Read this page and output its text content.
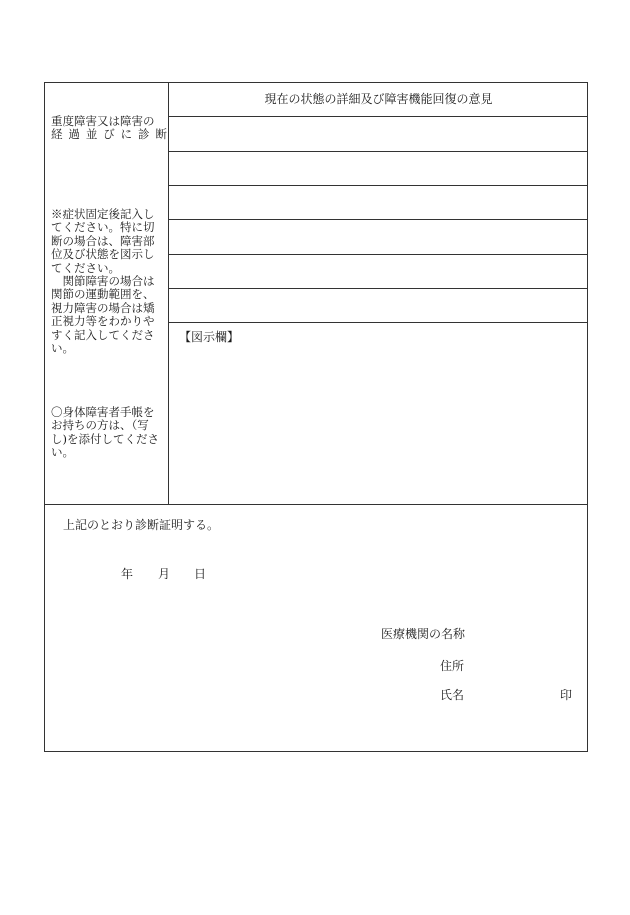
現在の状態の詳細及び障害機能回復の意見
【図示欄】
重度障害又は障害の
経 過 並 び に 診 断
※症状固定後記入し
てください。特に切
断の場合は、障害部
位及び状態を図示し
てください。
　関節障害の場合は
関節の運動範囲を、
視力障害の場合は矯
正視力等をわかりや
すく記入してくださ
い。
〇身体障害者手帳を
お持ちの方は、（写
し)を添付してくださ
い。
上記のとおり診断証明する。
年 月 日
医療機関の名称
住所
氏名	印
